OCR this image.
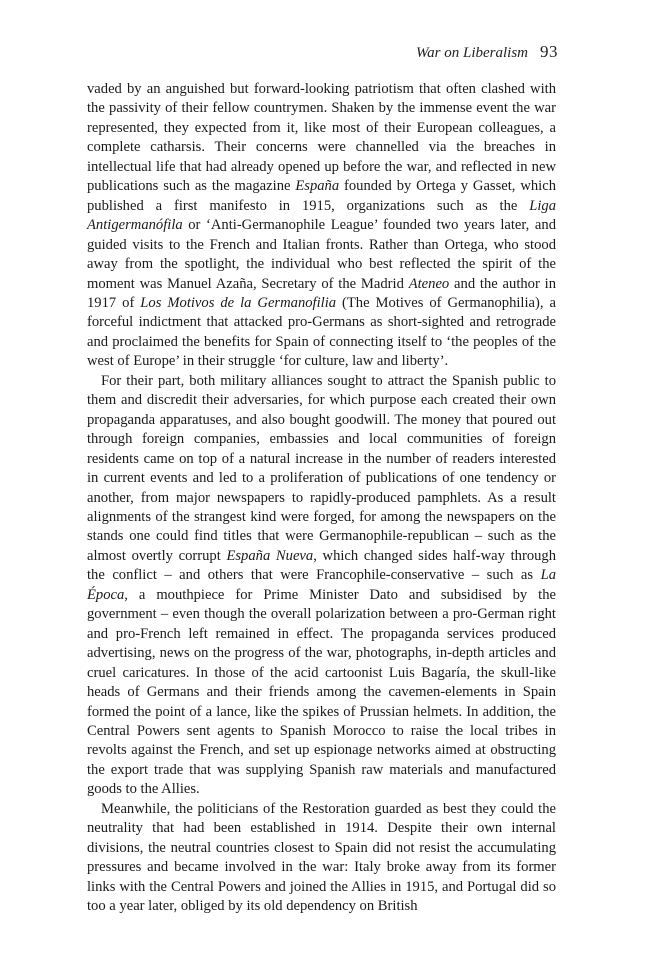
War on Liberalism 93

vaded by an anguished but forward-looking patriotism that often clashed with the passivity of their fellow countrymen. Shaken by the immense event the war represented, they expected from it, like most of their European colleagues, a complete catharsis. Their concerns were channelled via the breaches in intellectual life that had already opened up before the war, and reflected in new publications such as the magazine España founded by Ortega y Gasset, which published a first manifesto in 1915, organizations such as the Liga Antigermanófila or ‘Anti-Germanophile League’ founded two years later, and guided visits to the French and Italian fronts. Rather than Ortega, who stood away from the spotlight, the individual who best reflected the spirit of the moment was Manuel Azaña, Secretary of the Madrid Ateneo and the author in 1917 of Los Motivos de la Germanofilia (The Motives of Germanophilia), a forceful indictment that attacked pro-Germans as short-sighted and retrograde and proclaimed the benefits for Spain of connecting itself to ‘the peoples of the west of Europe’ in their struggle ‘for culture, law and liberty’.

For their part, both military alliances sought to attract the Spanish public to them and discredit their adversaries, for which purpose each created their own propaganda apparatuses, and also bought goodwill. The money that poured out through foreign companies, embassies and local communities of foreign residents came on top of a natural increase in the number of readers interested in current events and led to a proliferation of publications of one tendency or another, from major newspapers to rapidly-produced pamphlets. As a result alignments of the strangest kind were forged, for among the newspapers on the stands one could find titles that were Germanophile-republican – such as the almost overtly corrupt España Nueva, which changed sides half-way through the conflict – and others that were Francophile-conservative – such as La Época, a mouthpiece for Prime Minister Dato and subsidised by the government – even though the overall polarization between a pro-German right and pro-French left remained in effect. The propaganda services produced advertising, news on the progress of the war, photographs, in-depth articles and cruel caricatures. In those of the acid cartoonist Luis Bagaría, the skull-like heads of Germans and their friends among the cavemen-elements in Spain formed the point of a lance, like the spikes of Prussian helmets. In addition, the Central Powers sent agents to Spanish Morocco to raise the local tribes in revolts against the French, and set up espionage networks aimed at obstructing the export trade that was supplying Spanish raw materials and manufactured goods to the Allies.

Meanwhile, the politicians of the Restoration guarded as best they could the neutrality that had been established in 1914. Despite their own internal divisions, the neutral countries closest to Spain did not resist the accumulating pressures and became involved in the war: Italy broke away from its former links with the Central Powers and joined the Allies in 1915, and Portugal did so too a year later, obliged by its old dependency on British
